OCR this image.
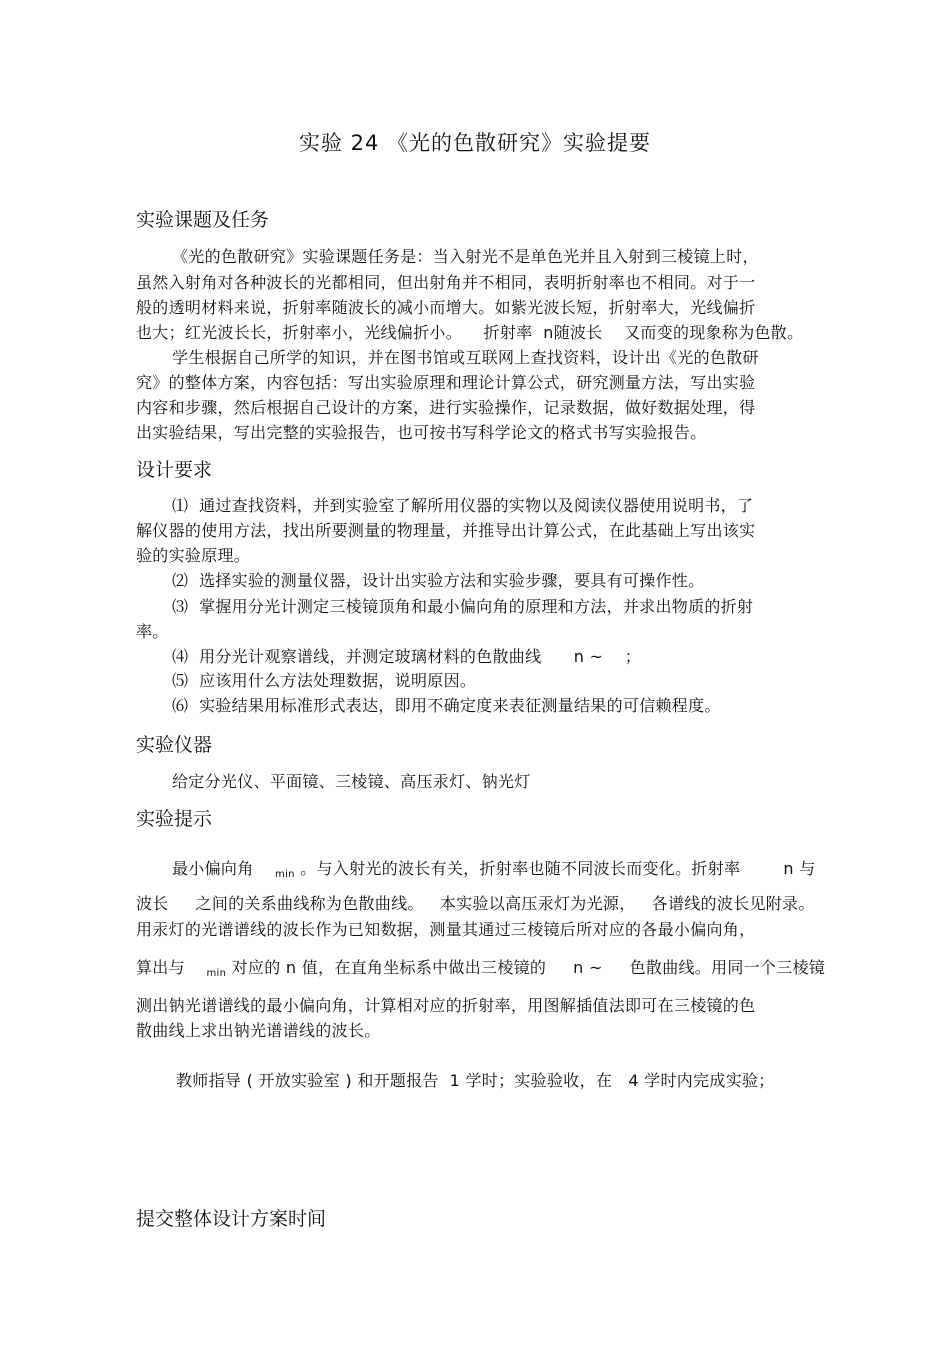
实验 24 《光的色散研究》实验提要
实验课题及任务
《光的色散研究》实验课题任务是：当入射光不是单色光并且入射到三棱镜上时，
虽然入射角对各种波长的光都相同，但出射角并不相同，表明折射率也不相同。对于一
般的透明材料来说，折射率随波长的减小而增大。如紫光波长短，折射率大，光线偏折
也大；红光波长长，折射率小，光线偏折小。    折射率  n随波长    又而变的现象称为色散。
学生根据自己所学的知识，并在图书馆或互联网上查找资料，设计出《光的色散研
究》的整体方案，内容包括：写出实验原理和理论计算公式，研究测量方法，写出实验
内容和步骤，然后根据自己设计的方案，进行实验操作，记录数据，做好数据处理，得
出实验结果，写出完整的实验报告，也可按书写科学论文的格式书写实验报告。
设计要求
⑴  通过查找资料，并到实验室了解所用仪器的实物以及阅读仪器使用说明书，了
解仪器的使用方法，找出所要测量的物理量，并推导出计算公式，在此基础上写出该实
验的实验原理。
⑵  选择实验的测量仪器，设计出实验方法和实验步骤，要具有可操作性。
⑶  掌握用分光计测定三棱镜顶角和最小偏向角的原理和方法，并求出物质的折射
率。
⑷  用分光计观察谱线，并测定玻璃材料的色散曲线      n ~    ；
⑸  应该用什么方法处理数据，说明原因。
⑹  实验结果用标准形式表达，即用不确定度来表征测量结果的可信赖程度。
实验仪器
给定分光仪、平面镜、三棱镜、高压汞灯、钠光灯
实验提示
最小偏向角    $_{min}$ 。与入射光的波长有关，折射率也随不同波长而变化。折射率        n 与
波长     之间的关系曲线称为色散曲线。   本实验以高压汞灯为光源，   各谱线的波长见附录。
用汞灯的光谱谱线的波长作为已知数据，测量其通过三棱镜后所对应的各最小偏向角，
算出与    $_{min}$ 对应的 n 值，在直角坐标系中做出三棱镜的     n ~     色散曲线。用同一个三棱镜
测出钠光谱谱线的最小偏向角，计算相对应的折射率，用图解插值法即可在三棱镜的色
散曲线上求出钠光谱谱线的波长。
教师指导 ( 开放实验室 ) 和开题报告  1 学时；实验验收，在   4 学时内完成实验；
提交整体设计方案时间
